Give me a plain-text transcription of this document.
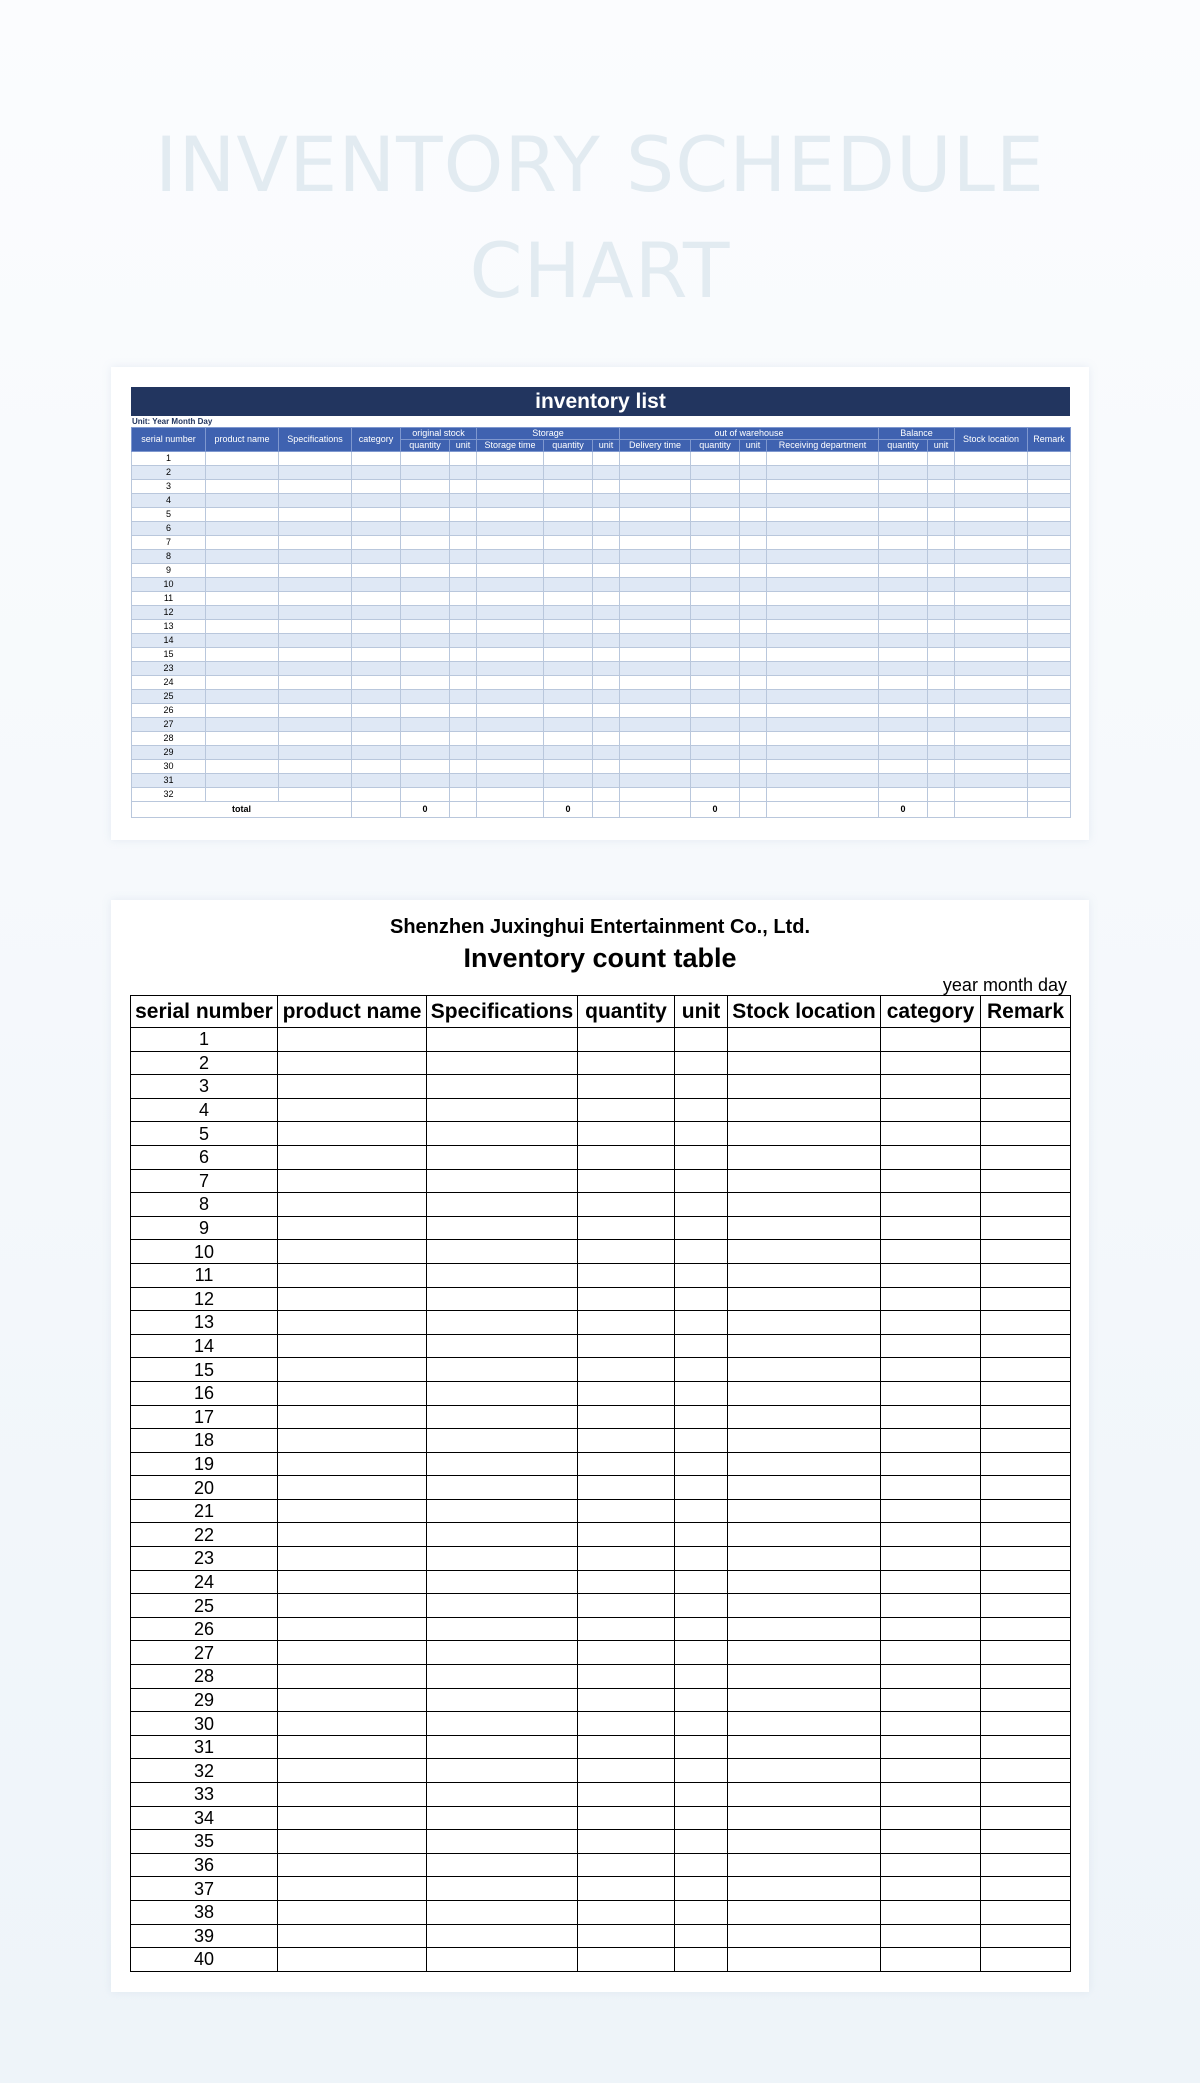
INVENTORY SCHEDULE
CHART
inventory list
Unit: Year Month Day
serial number	product name	Specifications	category	original stock		Storage			out of warehouse				Balance		Stock location	Remark
				quantity	unit	Storage time	quantity	unit	Delivery time	quantity	unit	Receiving department	quantity	unit		
1																
2																
3																
4																
5																
6																
7																
8																
9																
10																
11																
12																
13																
14																
15																
23																
24																
25																
26																
27																
28																
29																
30																
31																
32																
total				0			0			0			0			
Shenzhen Juxinghui Entertainment Co., Ltd.
Inventory count table
year month day
serial number	product name	Specifications	quantity	unit	Stock location	category	Remark
1							
2							
3							
4							
5							
6							
7							
8							
9							
10							
11							
12							
13							
14							
15							
16							
17							
18							
19							
20							
21							
22							
23							
24							
25							
26							
27							
28							
29							
30							
31							
32							
33							
34							
35							
36							
37							
38							
39							
40							
